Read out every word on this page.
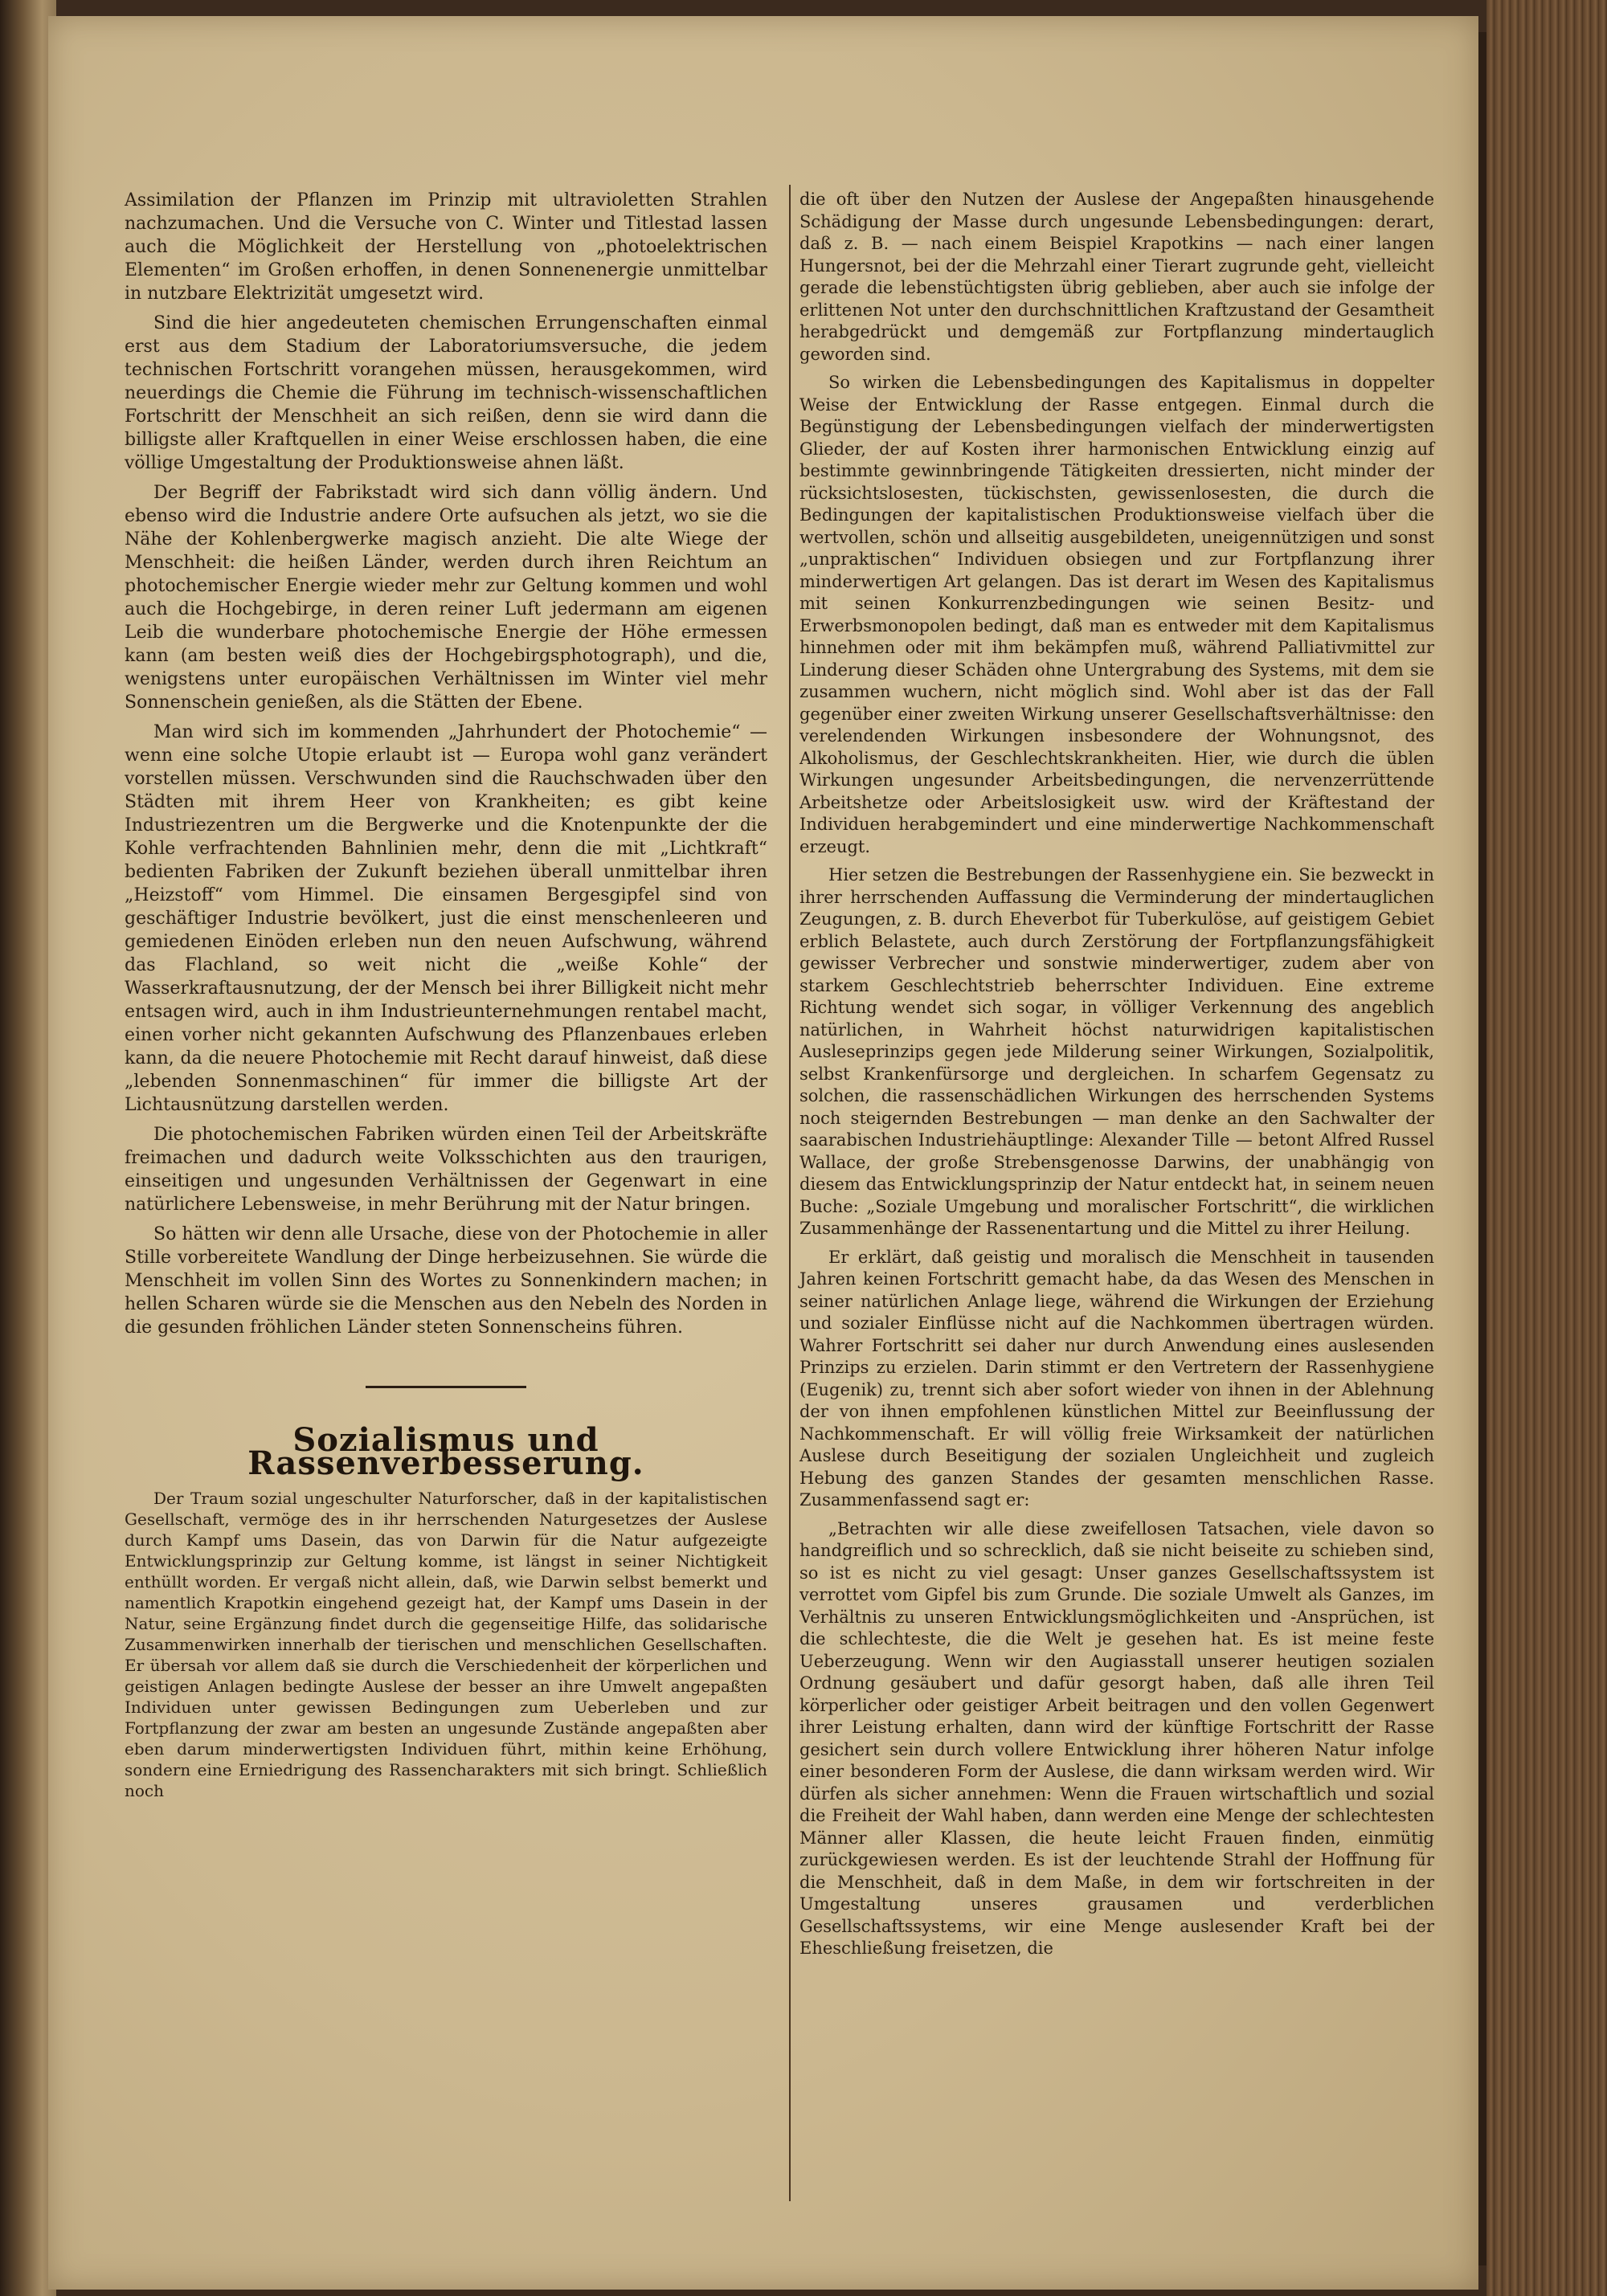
Assimilation der Pflanzen im Prinzip mit ultravioletten Strahlen nachzumachen. Und die Versuche von C. Winter und Titlestad lassen auch die Möglichkeit der Herstellung von „photoelektrischen Elementen“ im Großen erhoffen, in denen Sonnenenergie unmittelbar in nutzbare Elektrizität umgesetzt wird.

Sind die hier angedeuteten chemischen Errungenschaften einmal erst aus dem Stadium der Laboratoriumsversuche, die jedem technischen Fortschritt vorangehen müssen, herausgekommen, wird neuerdings die Chemie die Führung im technisch-wissenschaftlichen Fortschritt der Menschheit an sich reißen, denn sie wird dann die billigste aller Kraftquellen in einer Weise erschlossen haben, die eine völlige Umgestaltung der Produktionsweise ahnen läßt.

Der Begriff der Fabrikstadt wird sich dann völlig ändern. Und ebenso wird die Industrie andere Orte aufsuchen als jetzt, wo sie die Nähe der Kohlenbergwerke magisch anzieht. Die alte Wiege der Menschheit: die heißen Länder, werden durch ihren Reichtum an photochemischer Energie wieder mehr zur Geltung kommen und wohl auch die Hochgebirge, in deren reiner Luft jedermann am eigenen Leib die wunderbare photochemische Energie der Höhe ermessen kann (am besten weiß dies der Hochgebirgsphotograph), und die, wenigstens unter europäischen Verhältnissen im Winter viel mehr Sonnenschein genießen, als die Stätten der Ebene.

Man wird sich im kommenden „Jahrhundert der Photochemie“ — wenn eine solche Utopie erlaubt ist — Europa wohl ganz verändert vorstellen müssen. Verschwunden sind die Rauchschwaden über den Städten mit ihrem Heer von Krankheiten; es gibt keine Industriezentren um die Bergwerke und die Knotenpunkte der die Kohle verfrachtenden Bahnlinien mehr, denn die mit „Lichtkraft“ bedienten Fabriken der Zukunft beziehen überall unmittelbar ihren „Heizstoff“ vom Himmel. Die einsamen Bergesgipfel sind von geschäftiger Industrie bevölkert, just die einst menschenleeren und gemiedenen Einöden erleben nun den neuen Aufschwung, während das Flachland, so weit nicht die „weiße Kohle“ der Wasserkraftausnutzung, der der Mensch bei ihrer Billigkeit nicht mehr entsagen wird, auch in ihm Industrieunternehmungen rentabel macht, einen vorher nicht gekannten Aufschwung des Pflanzenbaues erleben kann, da die neuere Photochemie mit Recht darauf hinweist, daß diese „lebenden Sonnenmaschinen“ für immer die billigste Art der Lichtausnützung darstellen werden.

Die photochemischen Fabriken würden einen Teil der Arbeitskräfte freimachen und dadurch weite Volksschichten aus den traurigen, einseitigen und ungesunden Verhältnissen der Gegenwart in eine natürlichere Lebensweise, in mehr Berührung mit der Natur bringen.

So hätten wir denn alle Ursache, diese von der Photochemie in aller Stille vorbereitete Wandlung der Dinge herbeizusehnen. Sie würde die Menschheit im vollen Sinn des Wortes zu Sonnenkindern machen; in hellen Scharen würde sie die Menschen aus den Nebeln des Norden in die gesunden fröhlichen Länder steten Sonnenscheins führen.

Sozialismus und Rassenverbesserung.

Der Traum sozial ungeschulter Naturforscher, daß in der kapitalistischen Gesellschaft, vermöge des in ihr herrschenden Naturgesetzes der Auslese durch Kampf ums Dasein, das von Darwin für die Natur aufgezeigte Entwicklungsprinzip zur Geltung komme, ist längst in seiner Nichtigkeit enthüllt worden. Er vergaß nicht allein, daß, wie Darwin selbst bemerkt und namentlich Krapotkin eingehend gezeigt hat, der Kampf ums Dasein in der Natur, seine Ergänzung findet durch die gegenseitige Hilfe, das solidarische Zusammenwirken innerhalb der tierischen und menschlichen Gesellschaften. Er übersah vor allem daß sie durch die Verschiedenheit der körperlichen und geistigen Anlagen bedingte Auslese der besser an ihre Umwelt angepaßten Individuen unter gewissen Bedingungen zum Ueberleben und zur Fortpflanzung der zwar am besten an ungesunde Zustände angepaßten aber eben darum minderwertigsten Individuen führt, mithin keine Erhöhung, sondern eine Erniedrigung des Rassencharakters mit sich bringt. Schließlich noch

die oft über den Nutzen der Auslese der Angepaßten hinausgehende Schädigung der Masse durch ungesunde Lebensbedingungen: derart, daß z. B. — nach einem Beispiel Krapotkins — nach einer langen Hungersnot, bei der die Mehrzahl einer Tierart zugrunde geht, vielleicht gerade die lebenstüchtigsten übrig geblieben, aber auch sie infolge der erlittenen Not unter den durchschnittlichen Kraftzustand der Gesamtheit herabgedrückt und demgemäß zur Fortpflanzung mindertauglich geworden sind.

So wirken die Lebensbedingungen des Kapitalismus in doppelter Weise der Entwicklung der Rasse entgegen. Einmal durch die Begünstigung der Lebensbedingungen vielfach der minderwertigsten Glieder, der auf Kosten ihrer harmonischen Entwicklung einzig auf bestimmte gewinnbringende Tätigkeiten dressierten, nicht minder der rücksichtslosesten, tückischsten, gewissenlosesten, die durch die Bedingungen der kapitalistischen Produktionsweise vielfach über die wertvollen, schön und allseitig ausgebildeten, uneigennützigen und sonst „unpraktischen“ Individuen obsiegen und zur Fortpflanzung ihrer minderwertigen Art gelangen. Das ist derart im Wesen des Kapitalismus mit seinen Konkurrenzbedingungen wie seinen Besitz- und Erwerbsmonopolen bedingt, daß man es entweder mit dem Kapitalismus hinnehmen oder mit ihm bekämpfen muß, während Palliativmittel zur Linderung dieser Schäden ohne Untergrabung des Systems, mit dem sie zusammen wuchern, nicht möglich sind. Wohl aber ist das der Fall gegenüber einer zweiten Wirkung unserer Gesellschaftsverhältnisse: den verelendenden Wirkungen insbesondere der Wohnungsnot, des Alkoholismus, der Geschlechtskrankheiten. Hier, wie durch die üblen Wirkungen ungesunder Arbeitsbedingungen, die nervenzerrüttende Arbeitshetze oder Arbeitslosigkeit usw. wird der Kräftestand der Individuen herabgemindert und eine minderwertige Nachkommenschaft erzeugt.

Hier setzen die Bestrebungen der Rassenhygiene ein. Sie bezweckt in ihrer herrschenden Auffassung die Verminderung der mindertauglichen Zeugungen, z. B. durch Eheverbot für Tuberkulöse, auf geistigem Gebiet erblich Belastete, auch durch Zerstörung der Fortpflanzungsfähigkeit gewisser Verbrecher und sonstwie minderwertiger, zudem aber von starkem Geschlechtstrieb beherrschter Individuen. Eine extreme Richtung wendet sich sogar, in völliger Verkennung des angeblich natürlichen, in Wahrheit höchst naturwidrigen kapitalistischen Ausleseprinzips gegen jede Milderung seiner Wirkungen, Sozialpolitik, selbst Krankenfürsorge und dergleichen. In scharfem Gegensatz zu solchen, die rassenschädlichen Wirkungen des herrschenden Systems noch steigernden Bestrebungen — man denke an den Sachwalter der saarabischen Industriehäuptlinge: Alexander Tille — betont Alfred Russel Wallace, der große Strebensgenosse Darwins, der unabhängig von diesem das Entwicklungsprinzip der Natur entdeckt hat, in seinem neuen Buche: „Soziale Umgebung und moralischer Fortschritt“, die wirklichen Zusammenhänge der Rassenentartung und die Mittel zu ihrer Heilung.

Er erklärt, daß geistig und moralisch die Menschheit in tausenden Jahren keinen Fortschritt gemacht habe, da das Wesen des Menschen in seiner natürlichen Anlage liege, während die Wirkungen der Erziehung und sozialer Einflüsse nicht auf die Nachkommen übertragen würden. Wahrer Fortschritt sei daher nur durch Anwendung eines auslesenden Prinzips zu erzielen. Darin stimmt er den Vertretern der Rassenhygiene (Eugenik) zu, trennt sich aber sofort wieder von ihnen in der Ablehnung der von ihnen empfohlenen künstlichen Mittel zur Beeinflussung der Nachkommenschaft. Er will völlig freie Wirksamkeit der natürlichen Auslese durch Beseitigung der sozialen Ungleichheit und zugleich Hebung des ganzen Standes der gesamten menschlichen Rasse. Zusammenfassend sagt er:

„Betrachten wir alle diese zweifellosen Tatsachen, viele davon so handgreiflich und so schrecklich, daß sie nicht beiseite zu schieben sind, so ist es nicht zu viel gesagt: Unser ganzes Gesellschaftssystem ist verrottet vom Gipfel bis zum Grunde. Die soziale Umwelt als Ganzes, im Verhältnis zu unseren Entwicklungsmöglichkeiten und -Ansprüchen, ist die schlechteste, die die Welt je gesehen hat. Es ist meine feste Ueberzeugung. Wenn wir den Augiasstall unserer heutigen sozialen Ordnung gesäubert und dafür gesorgt haben, daß alle ihren Teil körperlicher oder geistiger Arbeit beitragen und den vollen Gegenwert ihrer Leistung erhalten, dann wird der künftige Fortschritt der Rasse gesichert sein durch vollere Entwicklung ihrer höheren Natur infolge einer besonderen Form der Auslese, die dann wirksam werden wird. Wir dürfen als sicher annehmen: Wenn die Frauen wirtschaftlich und sozial die Freiheit der Wahl haben, dann werden eine Menge der schlechtesten Männer aller Klassen, die heute leicht Frauen finden, einmütig zurückgewiesen werden. Es ist der leuchtende Strahl der Hoffnung für die Menschheit, daß in dem Maße, in dem wir fortschreiten in der Umgestaltung unseres grausamen und verderblichen Gesellschaftssystems, wir eine Menge auslesender Kraft bei der Eheschließung freisetzen, die
